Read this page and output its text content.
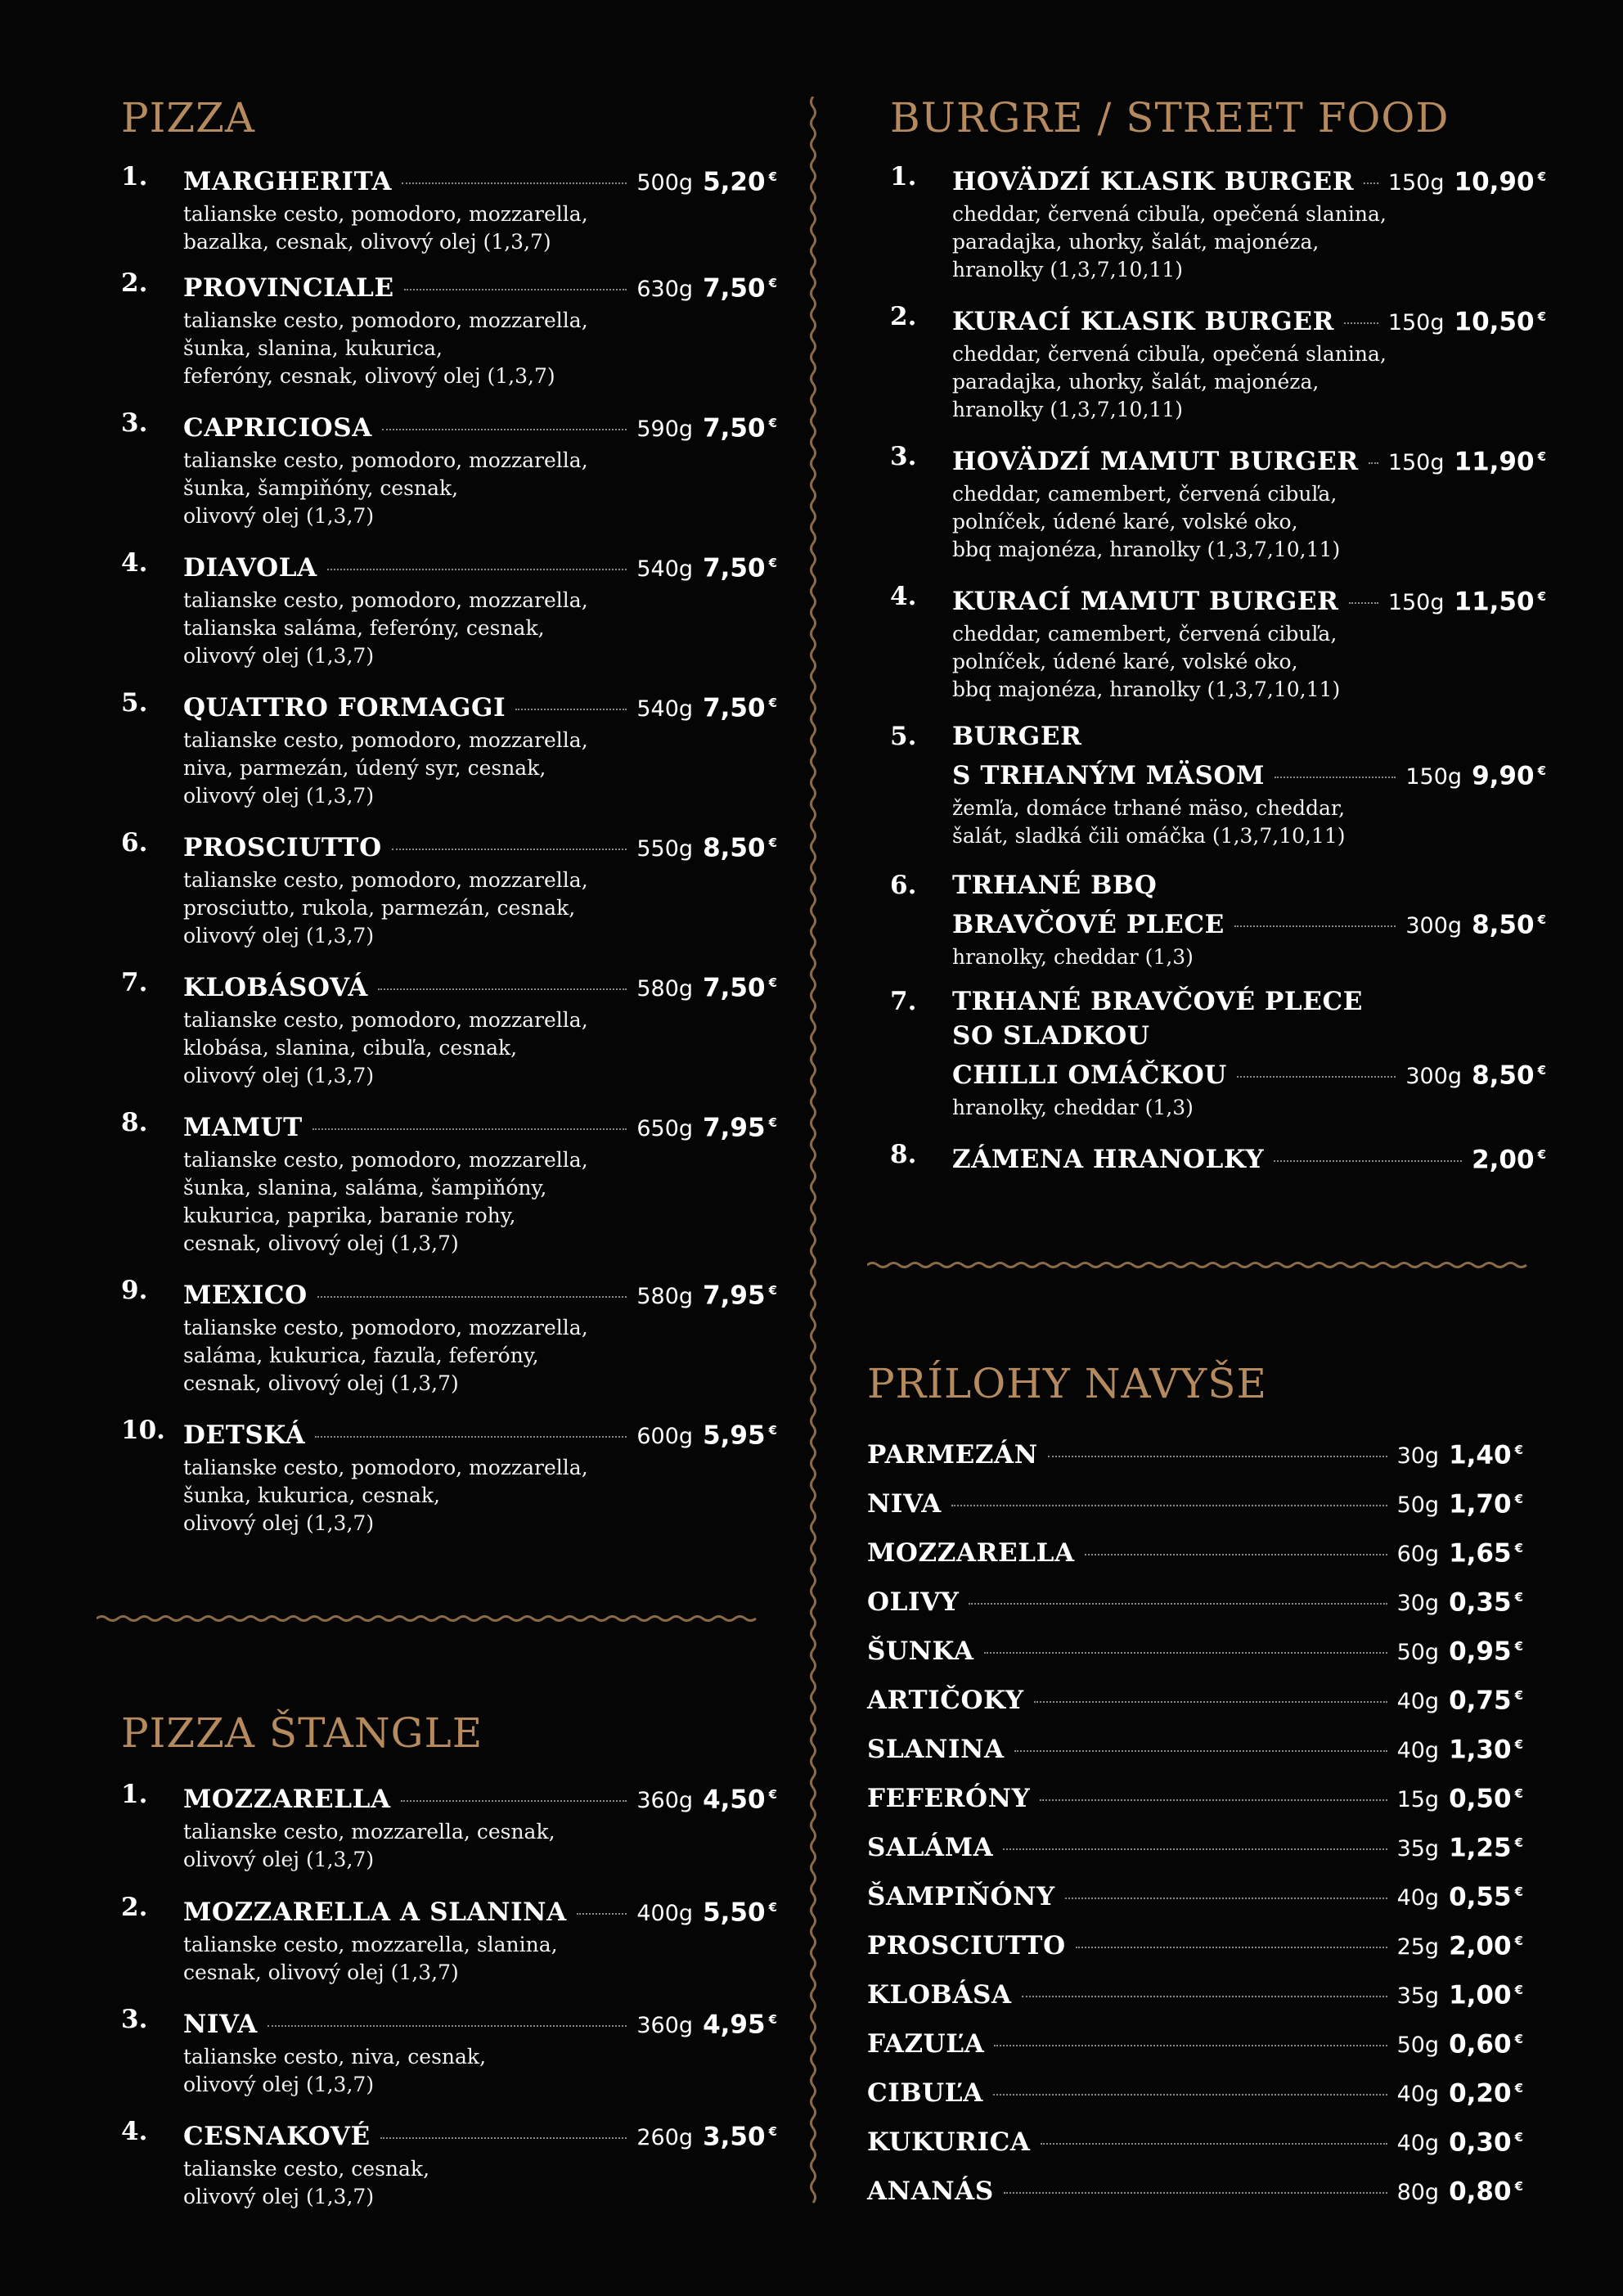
PIZZA
1. MARGHERITA	500g 5,20 €
talianske cesto, pomodoro, mozzarella,
bazalka, cesnak, olivový olej (1,3,7)
2. PROVINCIALE	630g 7,50 €
talianske cesto, pomodoro, mozzarella,
šunka, slanina, kukurica,
feferóny, cesnak, olivový olej (1,3,7)
3. CAPRICIOSA	590g 7,50 €
talianske cesto, pomodoro, mozzarella,
šunka, šampiňóny, cesnak,
olivový olej (1,3,7)
4. DIAVOLA	540g 7,50 €
talianske cesto, pomodoro, mozzarella,
talianska saláma, feferóny, cesnak,
olivový olej (1,3,7)
5. QUATTRO FORMAGGI	540g 7,50 €
talianske cesto, pomodoro, mozzarella,
niva, parmezán, údený syr, cesnak,
olivový olej (1,3,7)
6. PROSCIUTTO	550g 8,50 €
talianske cesto, pomodoro, mozzarella,
prosciutto, rukola, parmezán, cesnak,
olivový olej (1,3,7)
7. KLOBÁSOVÁ	580g 7,50 €
talianske cesto, pomodoro, mozzarella,
klobása, slanina, cibuľa, cesnak,
olivový olej (1,3,7)
8. MAMUT	650g 7,95 €
talianske cesto, pomodoro, mozzarella,
šunka, slanina, saláma, šampiňóny,
kukurica, paprika, baranie rohy,
cesnak, olivový olej (1,3,7)
9. MEXICO	580g 7,95 €
talianske cesto, pomodoro, mozzarella,
saláma, kukurica, fazuľa, feferóny,
cesnak, olivový olej (1,3,7)
10. DETSKÁ	600g 5,95 €
talianske cesto, pomodoro, mozzarella,
šunka, kukurica, cesnak,
olivový olej (1,3,7)
PIZZA ŠTANGLE
1. MOZZARELLA	360g 4,50 €
talianske cesto, mozzarella, cesnak,
olivový olej (1,3,7)
2. MOZZARELLA A SLANINA	400g 5,50 €
talianske cesto, mozzarella, slanina,
cesnak, olivový olej (1,3,7)
3. NIVA	360g 4,95 €
talianske cesto, niva, cesnak,
olivový olej (1,3,7)
4. CESNAKOVÉ	260g 3,50 €
talianske cesto, cesnak,
olivový olej (1,3,7)
BURGRE / STREET FOOD
1. HOVÄDZÍ KLASIK BURGER 150g 10,90 €
cheddar, červená cibuľa, opečená slanina,
paradajka, uhorky, šalát, majonéza,
hranolky (1,3,7,10,11)
2. KURACÍ KLASIK BURGER 150g 10,50 €
cheddar, červená cibuľa, opečená slanina,
paradajka, uhorky, šalát, majonéza,
hranolky (1,3,7,10,11)
3. HOVÄDZÍ MAMUT BURGER 150g 11,90 €
cheddar, camembert, červená cibuľa,
polníček, údené karé, volské oko,
bbq majonéza, hranolky (1,3,7,10,11)
4. KURACÍ MAMUT BURGER 150g 11,50 €
cheddar, camembert, červená cibuľa,
polníček, údené karé, volské oko,
bbq majonéza, hranolky (1,3,7,10,11)
5. BURGER
S TRHANÝM MÄSOM	150g 9,90 €
žemľa, domáce trhané mäso, cheddar,
šalát, sladká čili omáčka (1,3,7,10,11)
6. TRHANÉ BBQ
BRAVČOVÉ PLECE	300g 8,50 €
hranolky, cheddar (1,3)
7. TRHANÉ BRAVČOVÉ PLECE
SO SLADKOU
CHILLI OMÁČKOU	300g 8,50 €
hranolky, cheddar (1,3)
8. ZÁMENA HRANOLKY	2,00 €
PRÍLOHY NAVYŠE
PARMEZÁN	30g 1,40 €
NIVA	50g 1,70 €
MOZZARELLA	60g 1,65 €
OLIVY	30g 0,35 €
ŠUNKA	50g 0,95 €
ARTIČOKY	40g 0,75 €
SLANINA	40g 1,30 €
FEFERÓNY	15g 0,50 €
SALÁMA	35g 1,25 €
ŠAMPIŇÓNY	40g 0,55 €
PROSCIUTTO	25g 2,00 €
KLOBÁSA	35g 1,00 €
FAZUĽA	50g 0,60 €
CIBUĽA	40g 0,20 €
KUKURICA	40g 0,30 €
ANANÁS	80g 0,80 €
